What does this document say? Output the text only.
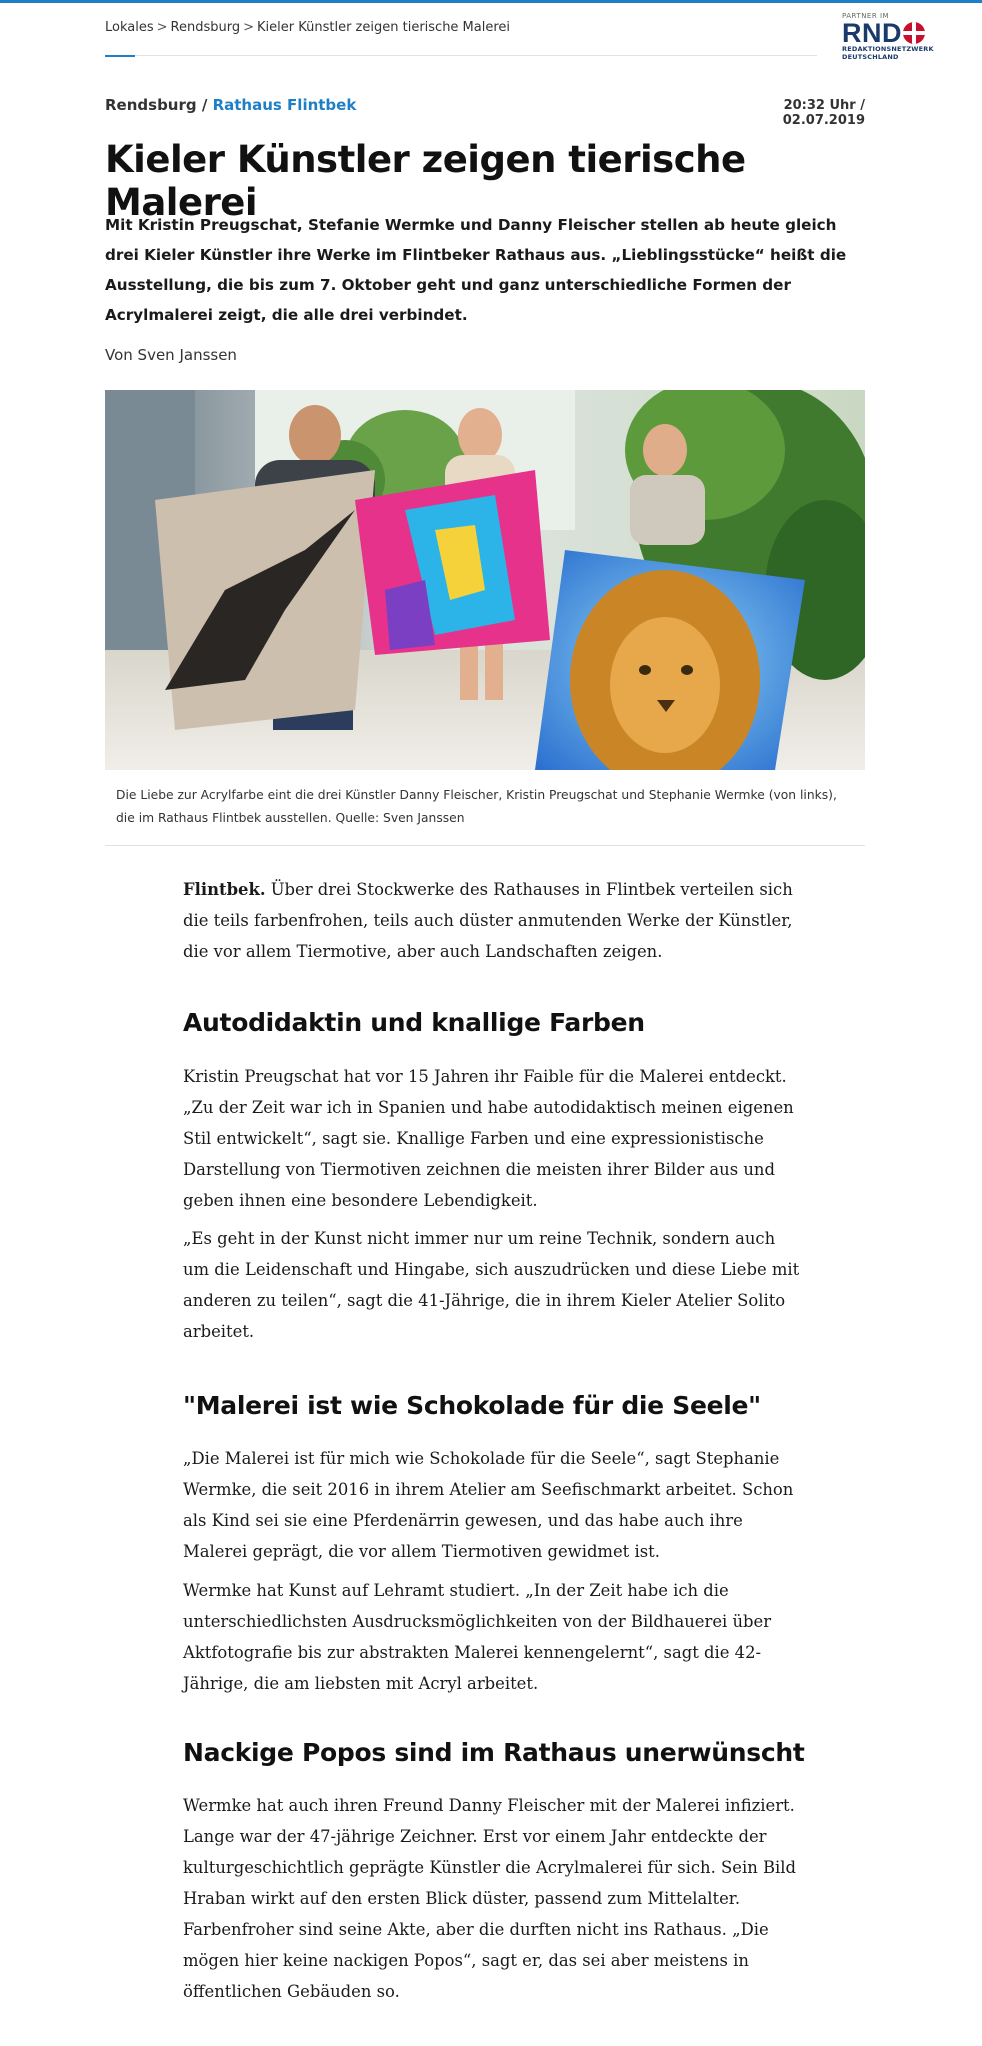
Lokales > Rendsburg > Kieler Künstler zeigen tierische Malerei
PARTNER IM
RND
REDAKTIONSNETZWERK
DEUTSCHLAND
Rendsburg / Rathaus Flintbek	20:32 Uhr / 02.07.2019
Kieler Künstler zeigen tierische Malerei

Mit Kristin Preugschat, Stefanie Wermke und Danny Fleischer stellen ab heute gleich drei Kieler Künstler ihre Werke im Flintbeker Rathaus aus. „Lieblingsstücke“ heißt die Ausstellung, die bis zum 7. Oktober geht und ganz unterschiedliche Formen der Acrylmalerei zeigt, die alle drei verbindet.

Von Sven Janssen

Die Liebe zur Acrylfarbe eint die drei Künstler Danny Fleischer, Kristin Preugschat und Stephanie Wermke (von links), die im Rathaus Flintbek ausstellen. Quelle: Sven Janssen

Flintbek. Über drei Stockwerke des Rathauses in Flintbek verteilen sich die teils farbenfrohen, teils auch düster anmutenden Werke der Künstler, die vor allem Tiermotive, aber auch Landschaften zeigen.

Autodidaktin und knallige Farben

Kristin Preugschat hat vor 15 Jahren ihr Faible für die Malerei entdeckt. „Zu der Zeit war ich in Spanien und habe autodidaktisch meinen eigenen Stil entwickelt“, sagt sie. Knallige Farben und eine expressionistische Darstellung von Tiermotiven zeichnen die meisten ihrer Bilder aus und geben ihnen eine besondere Lebendigkeit.

„Es geht in der Kunst nicht immer nur um reine Technik, sondern auch um die Leidenschaft und Hingabe, sich auszudrücken und diese Liebe mit anderen zu teilen“, sagt die 41-Jährige, die in ihrem Kieler Atelier Solito arbeitet.

"Malerei ist wie Schokolade für die Seele"

„Die Malerei ist für mich wie Schokolade für die Seele“, sagt Stephanie Wermke, die seit 2016 in ihrem Atelier am Seefischmarkt arbeitet. Schon als Kind sei sie eine Pferdenärrin gewesen, und das habe auch ihre Malerei geprägt, die vor allem Tiermotiven gewidmet ist.

Wermke hat Kunst auf Lehramt studiert. „In der Zeit habe ich die unterschiedlichsten Ausdrucksmöglichkeiten von der Bildhauerei über Aktfotografie bis zur abstrakten Malerei kennengelernt“, sagt die 42-Jährige, die am liebsten mit Acryl arbeitet.

Nackige Popos sind im Rathaus unerwünscht

Wermke hat auch ihren Freund Danny Fleischer mit der Malerei infiziert. Lange war der 47-jährige Zeichner. Erst vor einem Jahr entdeckte der kulturgeschichtlich geprägte Künstler die Acrylmalerei für sich. Sein Bild Hraban wirkt auf den ersten Blick düster, passend zum Mittelalter. Farbenfroher sind seine Akte, aber die durften nicht ins Rathaus. „Die mögen hier keine nackigen Popos“, sagt er, das sei aber meistens in öffentlichen Gebäuden so.
